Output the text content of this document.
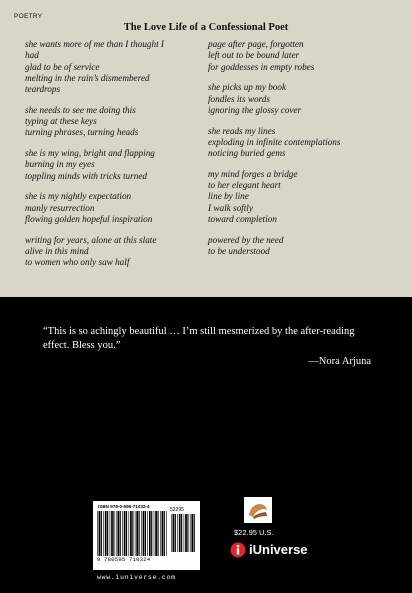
POETRY
The Love Life of a Confessional Poet
she wants more of me than I thought I
had
glad to be of service
melting in the rain’s dismembered
teardrops
she needs to see me doing this
typing at these keys
turning phrases, turning heads
she is my wing, bright and flapping
burning in my eyes
toppling minds with tricks turned
she is my nightly expectation
manly resurrection
flowing golden hopeful inspiration
writing for years, alone at this slate
alive in this mind
to women who only saw half
page after page, forgotten
left out to be bound later
for goddesses in empty robes
she picks up my book
fondles its words
ignoring the glossy cover
she reads my lines
exploding in infinite contemplations
noticing buried gems
my mind forges a bridge
to her elegant heart
line by line
I walk softly
toward completion
powered by the need
to be understood
“This is so achingly beautiful … I’m still mesmerized by the after-reading effect. Bless you.”
—Nora Arjuna
ISBN 978-0-595-71032-4
52295
9 780595 710324
www.iuniverse.com
$22.95 U.S.
iUniverse
